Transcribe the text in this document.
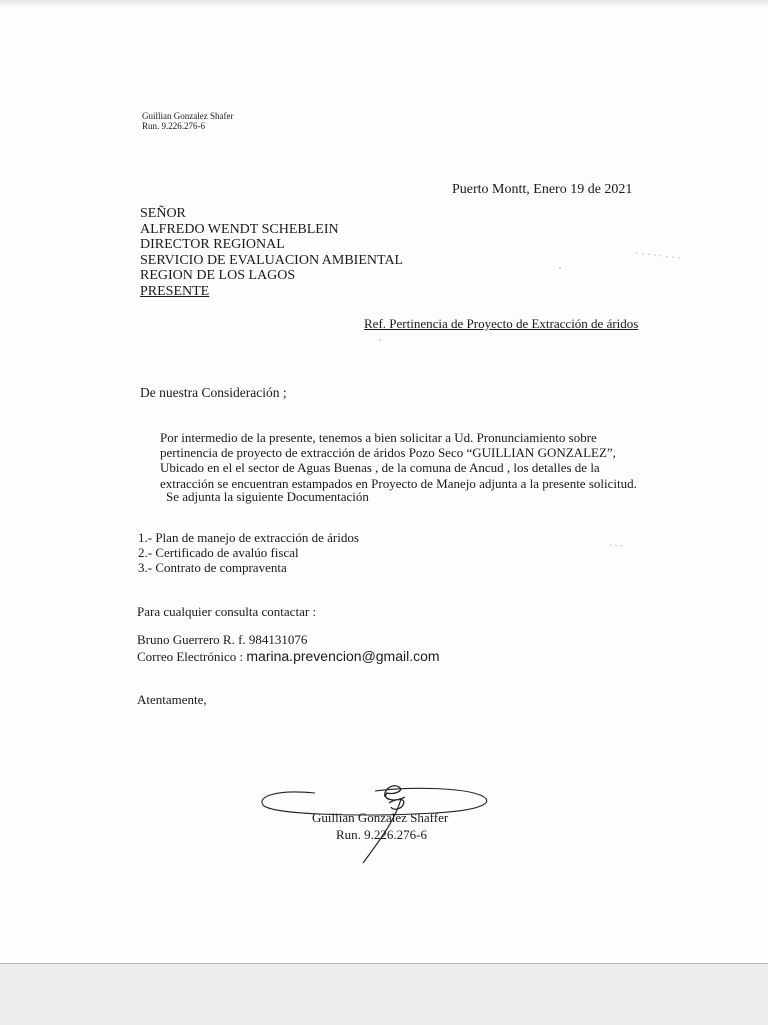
Guillian Gonzalez Shafer
Run. 9.226.276-6
Puerto Montt, Enero 19 de 2021
SEÑOR
ALFREDO WENDT SCHEBLEIN
DIRECTOR REGIONAL
SERVICIO DE EVALUACION AMBIENTAL
REGION DE LOS LAGOS
PRESENTE
Ref. Pertinencia de Proyecto de Extracción de áridos
De nuestra Consideración ;
Por intermedio de la presente, tenemos a bien solicitar a Ud. Pronunciamiento sobre
pertinencia de proyecto de extracción de áridos Pozo Seco “GUILLIAN GONZALEZ”,
Ubicado en el el sector de Aguas Buenas , de la comuna de Ancud , los detalles de la
extracción se encuentran estampados en Proyecto de Manejo adjunta a la presente solicitud.
Se adjunta la siguiente Documentación
1.- Plan de manejo de extracción de áridos
2.- Certificado de avalúo fiscal
3.- Contrato de compraventa
Para cualquier consulta contactar :
Bruno Guerrero R. f. 984131076
Correo Electrónico : marina.prevencion@gmail.com
Atentamente,
Guillian Gonzalez Shaffer
Run. 9.226.276-6
